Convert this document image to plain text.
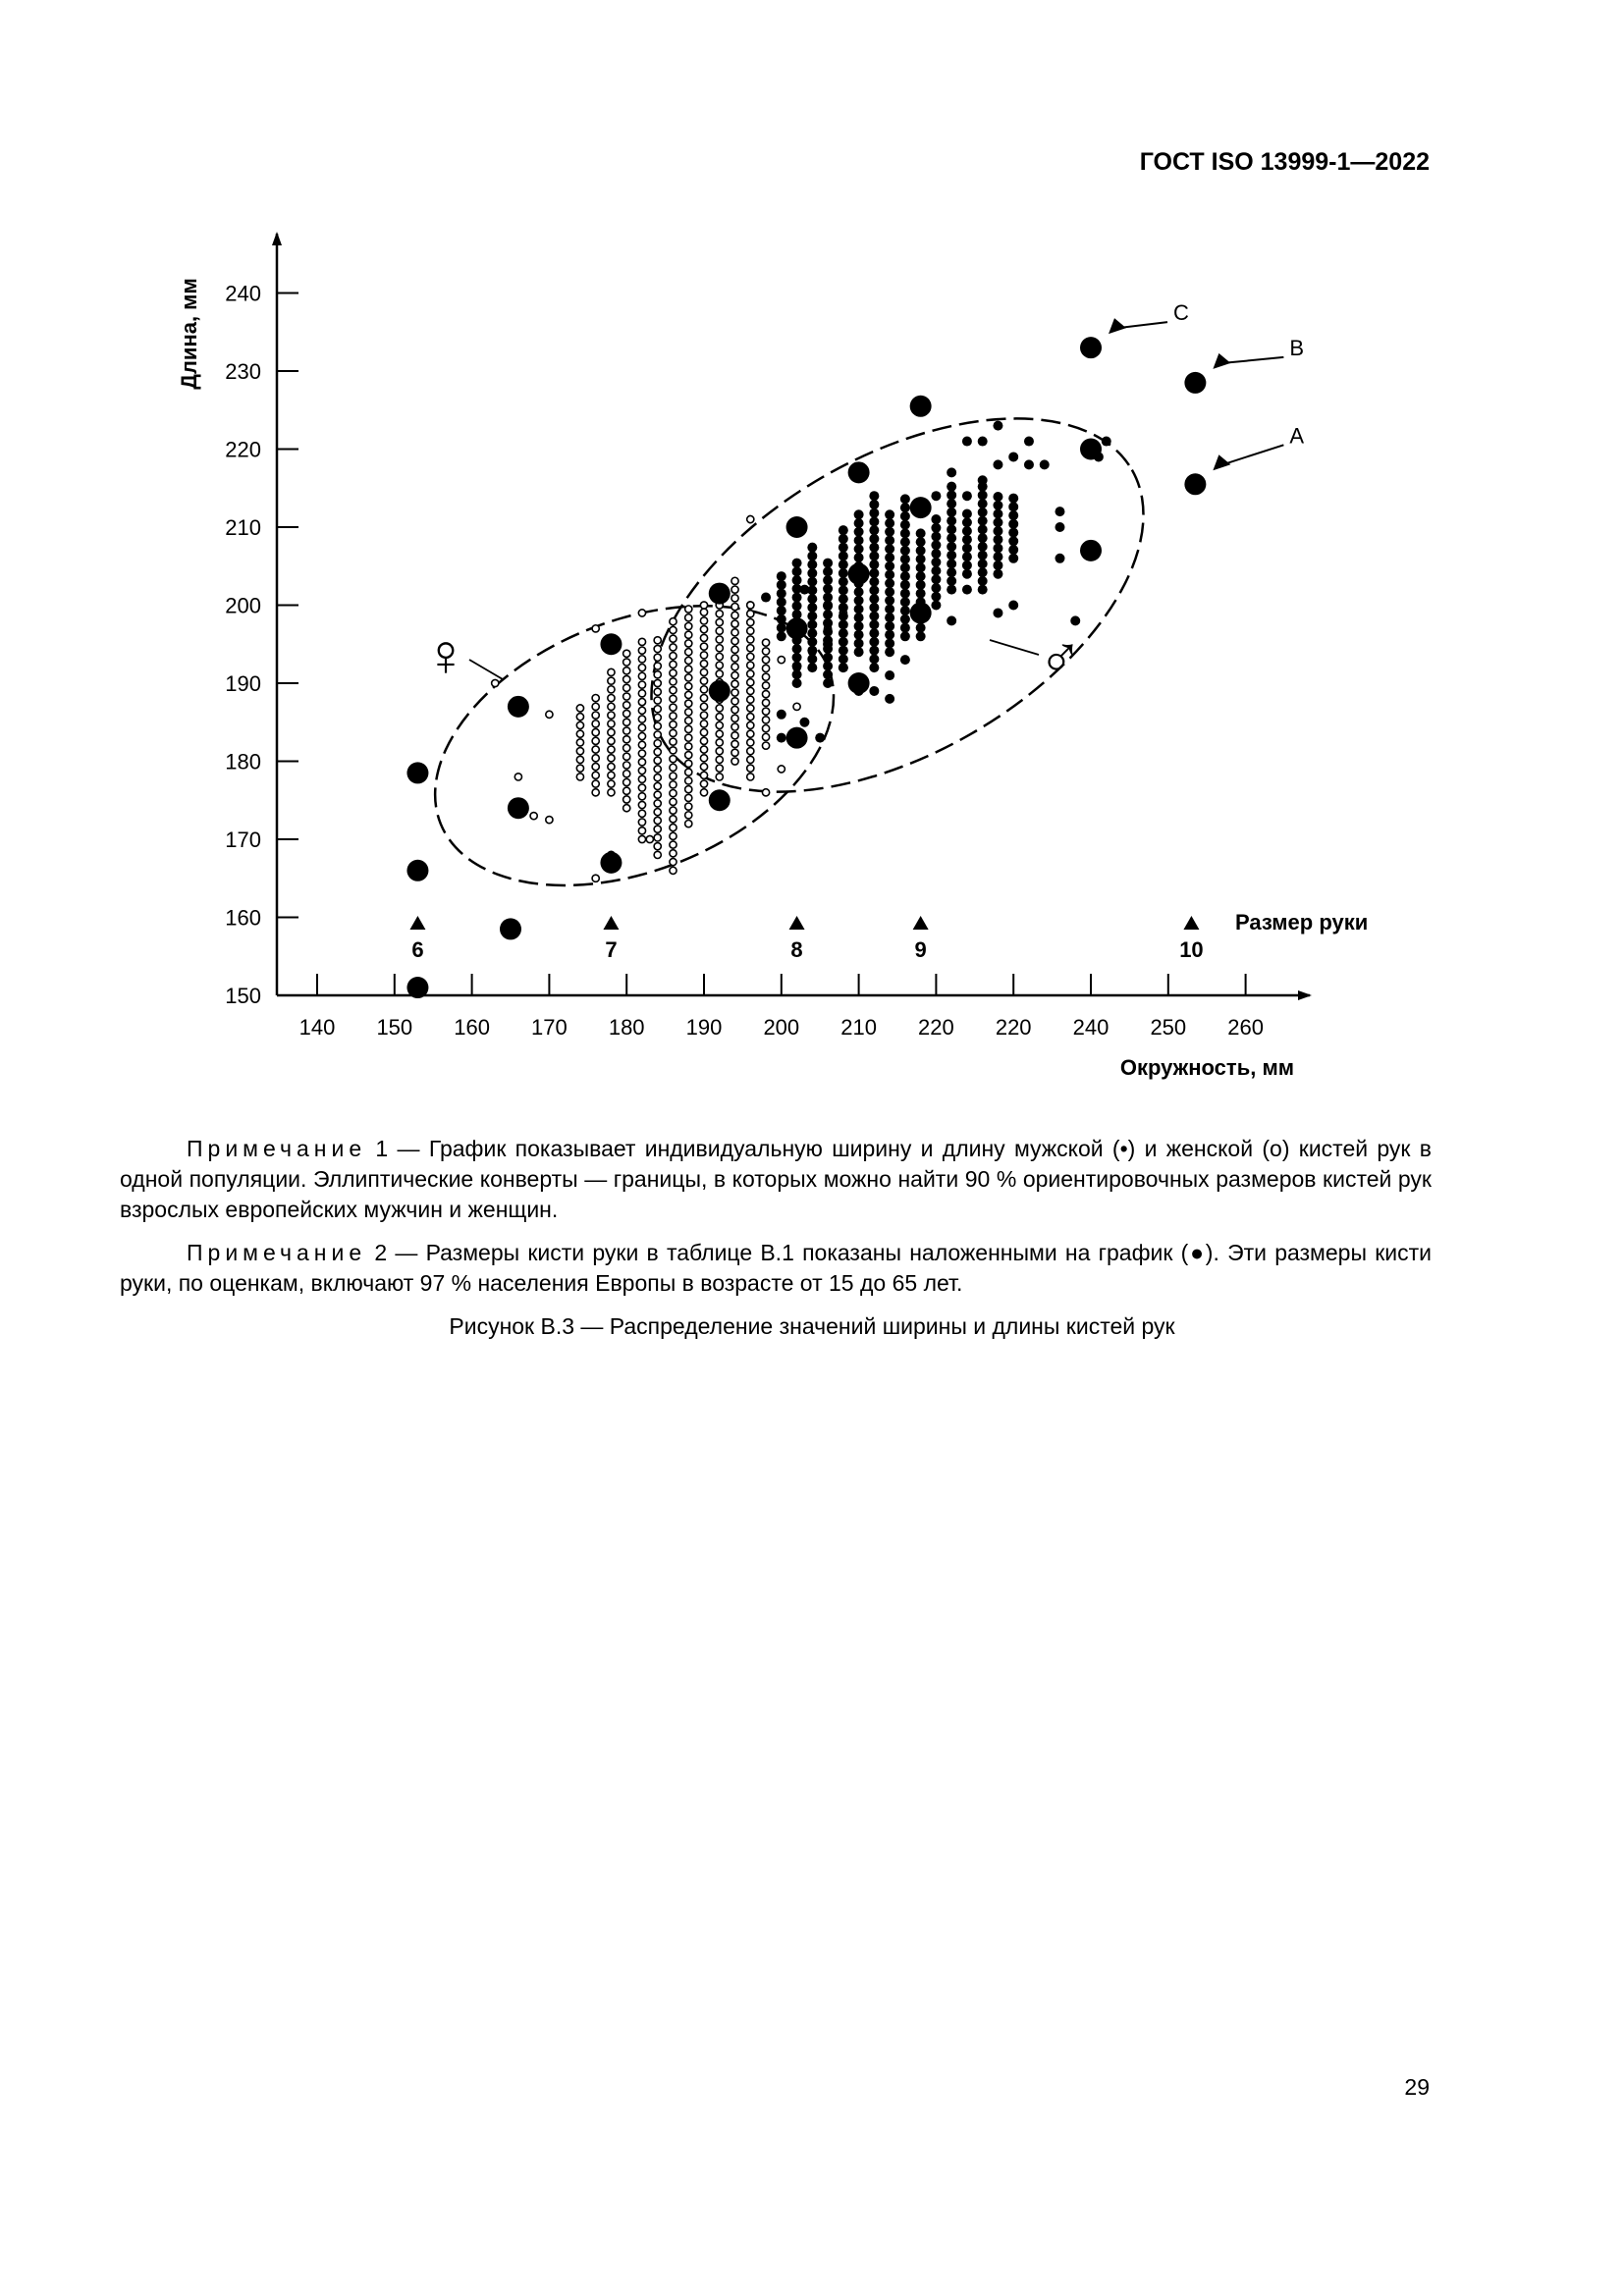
ГОСТ ISO 13999-1—2022
150
160
170
180
190
200
210
220
230
240
140 150 160 170 180 190 200 210 220 220 240 250 260
Окружность, мм
Длина, мм
6	7	8	9	10
Размер руки
C
B
A
♀	♂
Примечание 1 — График показывает индивидуальную ширину и длину мужской (•) и женской (o) кистей рук в одной популяции. Эллиптические конверты — границы, в которых можно найти 90 % ориентировочных размеров кистей рук взрослых европейских мужчин и женщин.
Примечание 2 — Размеры кисти руки в таблице В.1 показаны наложенными на график (●). Эти размеры кисти руки, по оценкам, включают 97 % населения Европы в возрасте от 15 до 65 лет.
Рисунок В.3 — Распределение значений ширины и длины кистей рук
29
